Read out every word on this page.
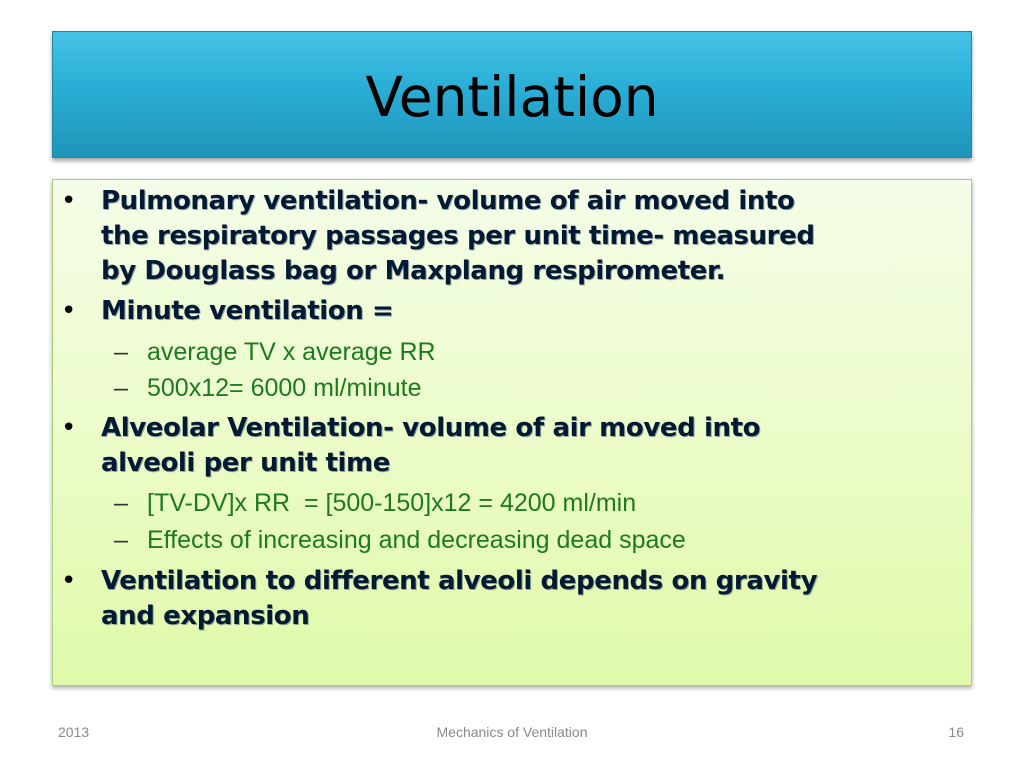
Ventilation
• Pulmonary ventilation- volume of air moved into
the respiratory passages per unit time- measured
by Douglass bag or Maxplang respirometer.
• Minute ventilation =
– average TV x average RR
– 500x12= 6000 ml/minute
• Alveolar Ventilation- volume of air moved into
alveoli per unit time
– [TV-DV]x RR  = [500-150]x12 = 4200 ml/min
– Effects of increasing and decreasing dead space
• Ventilation to different alveoli depends on gravity
and expansion
2013	Mechanics of Ventilation	16
